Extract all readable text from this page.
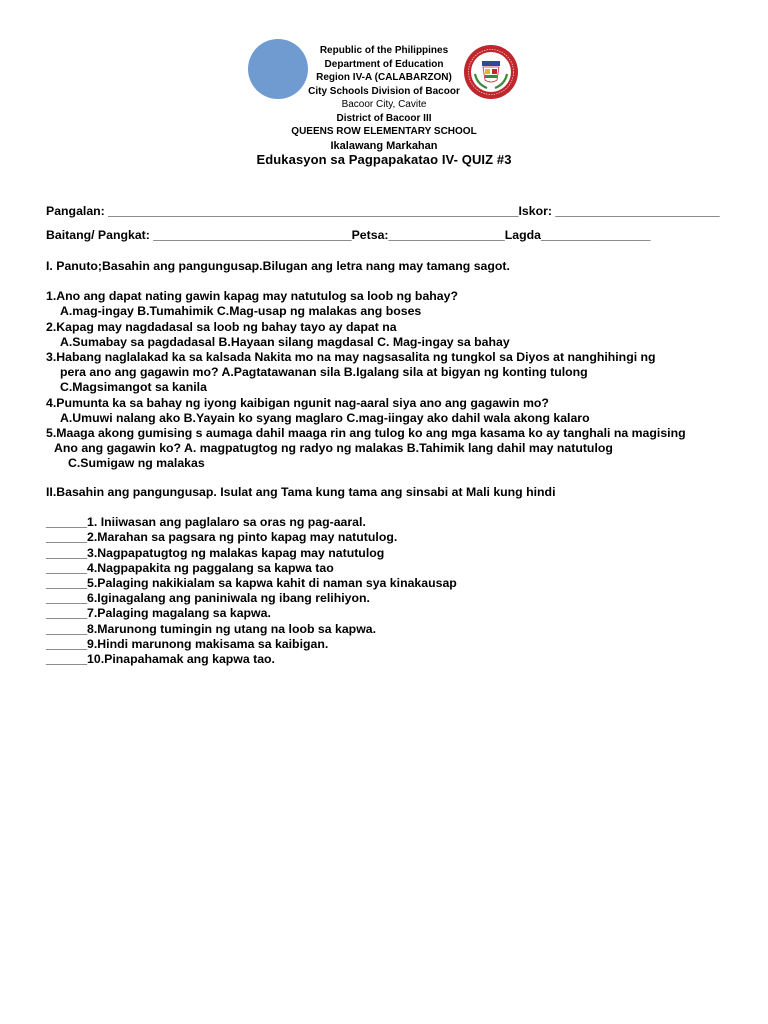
Republic of the Philippines
Department of Education
Region IV-A (CALABARZON)
City Schools Division of Bacoor
Bacoor City, Cavite
District of Bacoor III
QUEENS ROW ELEMENTARY SCHOOL
Ikalawang Markahan
Edukasyon sa Pagpapakatao IV- QUIZ #3
Pangalan: ____________________________________________________________Iskor: ________________________
Baitang/ Pangkat: _____________________________Petsa:_________________Lagda________________
I. Panuto;Basahin ang pangungusap.Bilugan ang letra nang may tamang sagot.
1.Ano ang dapat nating gawin kapag may natutulog sa loob ng bahay?
A.mag-ingay B.Tumahimik C.Mag-usap ng malakas ang boses
2.Kapag may nagdadasal sa loob ng bahay tayo ay dapat na
A.Sumabay sa pagdadasal B.Hayaan silang magdasal C. Mag-ingay sa bahay
3.Habang naglalakad ka sa kalsada Nakita mo na may nagsasalita ng tungkol sa Diyos at nanghihingi ng
pera ano ang gagawin mo? A.Pagtatawanan sila B.Igalang sila at bigyan ng konting tulong
C.Magsimangot sa kanila
4.Pumunta ka sa bahay ng iyong kaibigan ngunit nag-aaral siya ano ang gagawin mo?
A.Umuwi nalang ako B.Yayain ko syang maglaro C.mag-iingay ako dahil wala akong kalaro
5.Maaga akong gumising s aumaga dahil maaga rin ang tulog ko ang mga kasama ko ay tanghali na magising
Ano ang gagawin ko? A. magpatugtog ng radyo ng malakas B.Tahimik lang dahil may natutulog
C.Sumigaw ng malakas
II.Basahin ang pangungusap. Isulat ang Tama kung tama ang sinsabi at Mali kung hindi
______1. Iniiwasan ang paglalaro sa oras ng pag-aaral.
______2.Marahan sa pagsara ng pinto kapag may natutulog.
______3.Nagpapatugtog ng malakas kapag may natutulog
______4.Nagpapakita ng paggalang sa kapwa tao
______5.Palaging nakikialam sa kapwa kahit di naman sya kinakausap
______6.Iginagalang ang paniniwala ng ibang relihiyon.
______7.Palaging magalang sa kapwa.
______8.Marunong tumingin ng utang na loob sa kapwa.
______9.Hindi marunong makisama sa kaibigan.
______10.Pinapahamak ang kapwa tao.
